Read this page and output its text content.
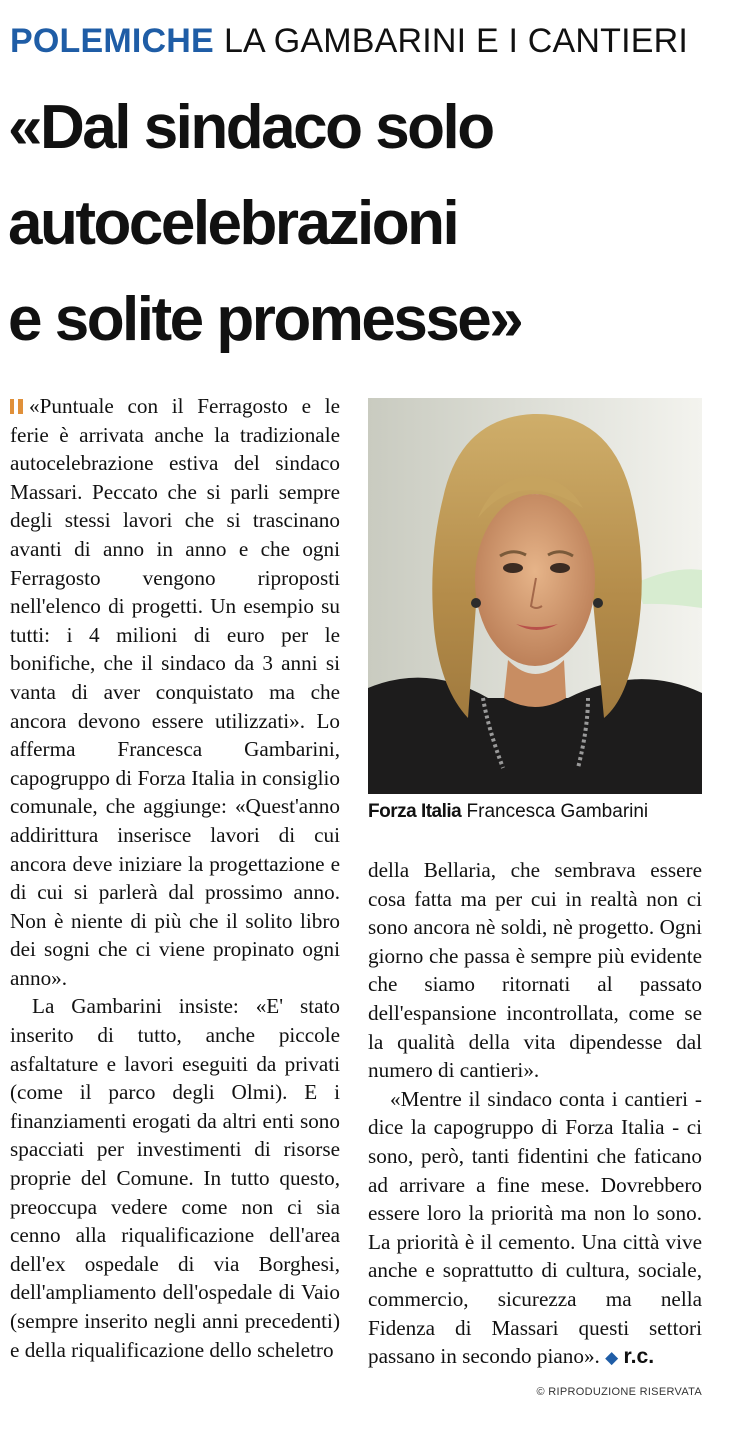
POLEMICHE LA GAMBARINI E I CANTIERI
«Dal sindaco solo
autocelebrazioni
e solite promesse»

«Puntuale con il Ferragosto e le ferie è arrivata anche la tradizionale autocelebrazione estiva del sindaco Massari. Peccato che si parli sempre degli stessi lavori che si trascinano avanti di anno in anno e che ogni Ferragosto vengono riproposti nell'elenco di progetti. Un esempio su tutti: i 4 milioni di euro per le bonifiche, che il sindaco da 3 anni si vanta di aver conquistato ma che ancora devono essere utilizzati». Lo afferma Francesca Gambarini, capogruppo di Forza Italia in consiglio comunale, che aggiunge: «Quest'anno addirittura inserisce lavori di cui ancora deve iniziare la progettazione e di cui si parlerà dal prossimo anno. Non è niente di più che il solito libro dei sogni che ci viene propinato ogni anno».

La Gambarini insiste: «E' stato inserito di tutto, anche piccole asfaltature e lavori eseguiti da privati (come il parco degli Olmi). E i finanziamenti erogati da altri enti sono spacciati per investimenti di risorse proprie del Comune. In tutto questo, preoccupa vedere come non ci sia cenno alla riqualificazione dell'area dell'ex ospedale di via Borghesi, dell'ampliamento dell'ospedale di Vaio (sempre inserito negli anni precedenti) e della riqualificazione dello scheletro

Forza Italia Francesca Gambarini

della Bellaria, che sembrava essere cosa fatta ma per cui in realtà non ci sono ancora nè soldi, nè progetto. Ogni giorno che passa è sempre più evidente che siamo ritornati al passato dell'espansione incontrollata, come se la qualità della vita dipendesse dal numero di cantieri».

«Mentre il sindaco conta i cantieri - dice la capogruppo di Forza Italia - ci sono, però, tanti fidentini che faticano ad arrivare a fine mese. Dovrebbero essere loro la priorità ma non lo sono. La priorità è il cemento. Una città vive anche e soprattutto di cultura, sociale, commercio, sicurezza ma nella Fidenza di Massari questi settori passano in secondo piano». ◆ r.c.

© RIPRODUZIONE RISERVATA
